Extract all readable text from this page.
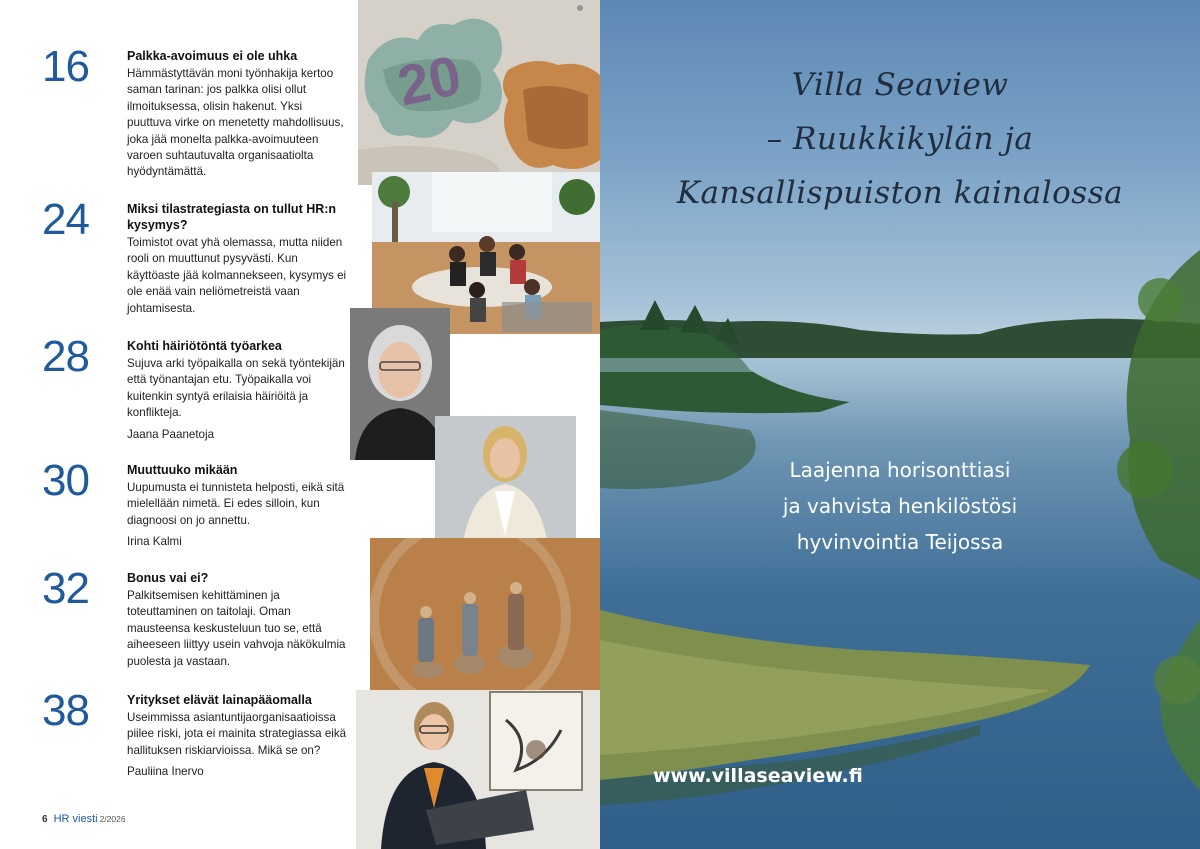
16	Palkka-avoimuus ei ole uhka
Hämmästyttävän moni työnhakija kertoo saman tarinan: jos palkka olisi ollut ilmoituksessa, olisin hakenut. Yksi puuttuva virke on menetetty mahdollisuus, joka jää monelta palkka-avoimuuteen varoen suhtautuvalta organisaatiolta hyödyntämättä.
24	Miksi tilastrategiasta on tullut HR:n kysymys?
Toimistot ovat yhä olemassa, mutta niiden rooli on muuttunut pysyvästi. Kun käyttöaste jää kolmannekseen, kysymys ei ole enää vain neliömetreistä vaan johtamisesta.
28	Kohti häiriötöntä työarkea
Sujuva arki työpaikalla on sekä työntekijän että työnantajan etu. Työpaikalla voi kuitenkin syntyä erilaisia häiriöitä ja konflikteja.
Jaana Paanetoja
30	Muuttuuko mikään
Uupumusta ei tunnisteta helposti, eikä sitä mielellään nimetä. Ei edes silloin, kun diagnoosi on jo annettu.
Irina Kalmi
32	Bonus vai ei?
Palkitsemisen kehittäminen ja toteuttaminen on taitolaji. Oman mausteensa keskusteluun tuo se, että aiheeseen liittyy usein vahvoja näkökulmia puolesta ja vastaan.
38	Yritykset elävät lainapääomalla
Useimmissa asiantuntijaorganisaatioissa piilee riski, jota ei mainita strategiassa eikä hallituksen riskiarvioissa. Mikä se on?
Pauliina Inervo
6 HR viesti 2/2026
20	Villa Seaview
– Ruukkikylän ja
Kansallispuiston kainalossa
Laajenna horisonttiasi
ja vahvista henkilöstösi
hyvinvointia Teijossa
www.villaseaview.fi
